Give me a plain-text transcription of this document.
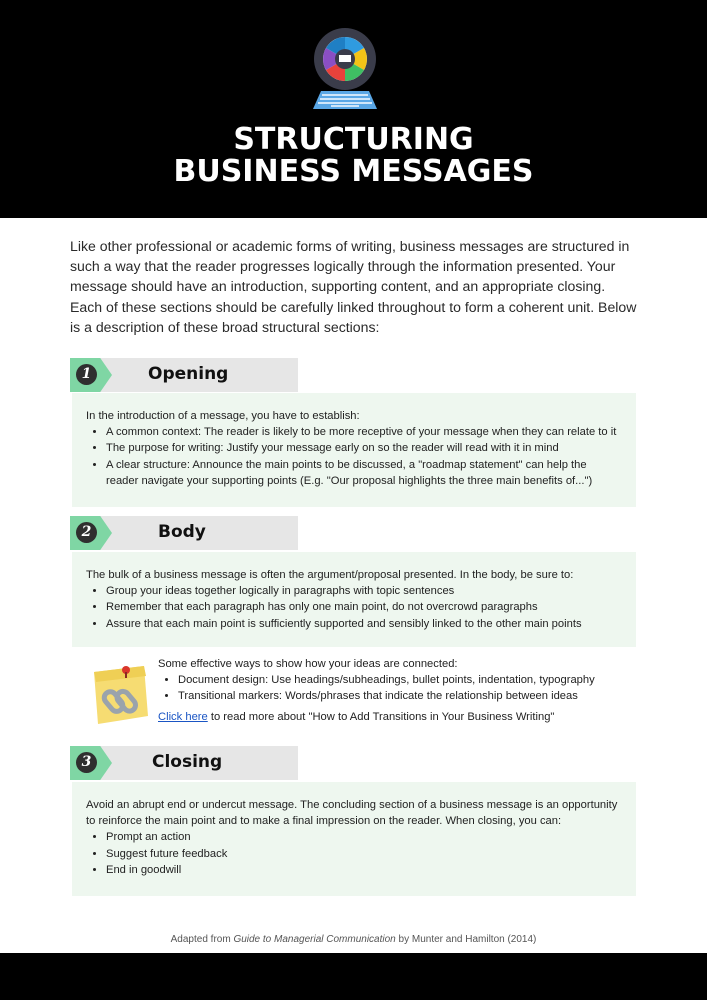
STRUCTURING
BUSINESS MESSAGES
Like other professional or academic forms of writing, business messages are structured in such a way that the reader progresses logically through the information presented. Your message should have an introduction, supporting content, and an appropriate closing. Each of these sections should be carefully linked throughout to form a coherent unit. Below is a description of these broad structural sections:
1	Opening
In the introduction of a message, you have to establish:
• A common context: The reader is likely to be more receptive of your message when they can relate to it
• The purpose for writing: Justify your message early on so the reader will read with it in mind
• A clear structure: Announce the main points to be discussed, a "roadmap statement" can help the reader navigate your supporting points (E.g. "Our proposal highlights the three main benefits of...")
2	Body
The bulk of a business message is often the argument/proposal presented. In the body, be sure to:
• Group your ideas together logically in paragraphs with topic sentences
• Remember that each paragraph has only one main point, do not overcrowd paragraphs
• Assure that each main point is sufficiently supported and sensibly linked to the other main points
Some effective ways to show how your ideas are connected:
• Document design: Use headings/subheadings, bullet points, indentation, typography
• Transitional markers: Words/phrases that indicate the relationship between ideas
Click here to read more about "How to Add Transitions in Your Business Writing"
3	Closing
Avoid an abrupt end or undercut message. The concluding section of a business message is an opportunity to reinforce the main point and to make a final impression on the reader. When closing, you can:
• Prompt an action
• Suggest future feedback
• End in goodwill
Adapted from Guide to Managerial Communication by Munter and Hamilton (2014)
